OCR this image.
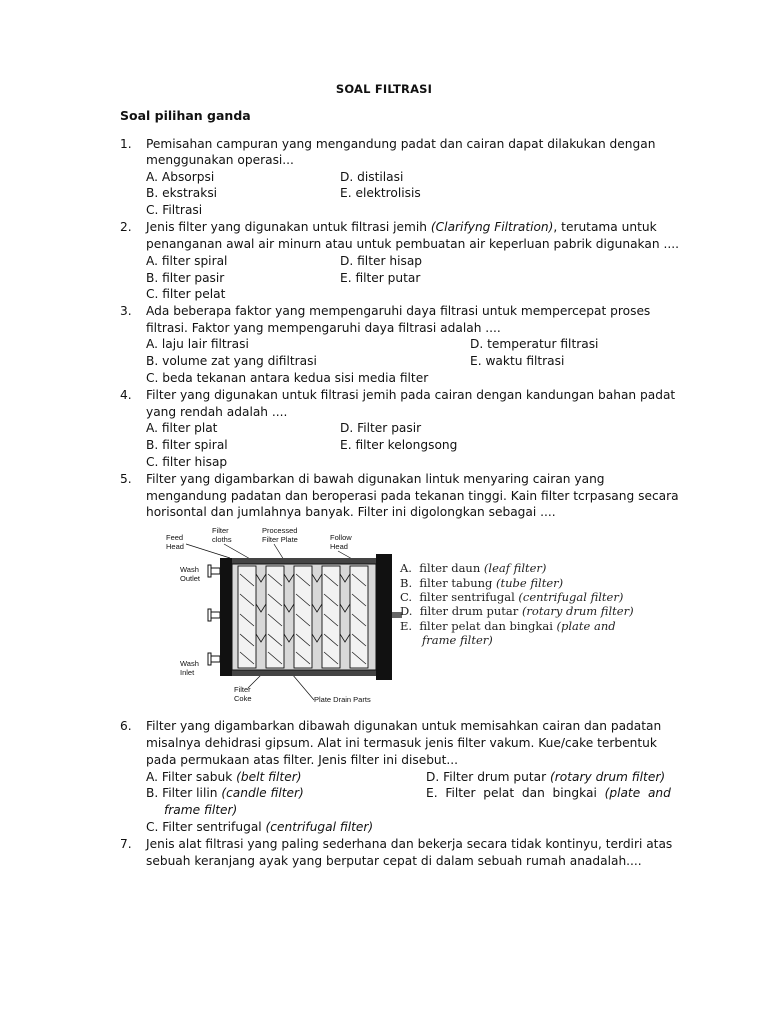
SOAL FILTRASI
Soal pilihan ganda
1. Pemisahan campuran yang mengandung padat dan cairan dapat dilakukan dengan
menggunakan operasi...
A. Absorpsi	D. distilasi
B. ekstraksi	E. elektrolisis
C. Filtrasi
2. Jenis filter yang digunakan untuk filtrasi jemih (Clarifyng Filtration), terutama untuk
penanganan awal air minurn atau untuk pembuatan air keperluan pabrik digunakan ....
A. filter spiral	D. filter hisap
B. filter pasir	E. filter putar
C. filter pelat
3. Ada beberapa faktor yang mempengaruhi daya filtrasi untuk mempercepat proses
filtrasi. Faktor yang mempengaruhi daya filtrasi adalah ....
A. laju lair filtrasi	D. temperatur filtrasi
B. volume zat yang difiltrasi	E. waktu filtrasi
C. beda tekanan antara kedua sisi media filter
4. Filter yang digunakan untuk filtrasi jemih pada cairan dengan kandungan bahan padat
yang rendah adalah ....
A. filter plat	D. Filter pasir
B. filter spiral	E. filter kelongsong
C. filter hisap
5. Filter yang digambarkan di bawah digunakan lintuk menyaring cairan yang
mengandung padatan dan beroperasi pada tekanan tinggi. Kain filter tcrpasang secara
horisontal dan jumlahnya banyak. Filter ini digolongkan sebagai ....
Feed
Head
Filter
cloths
Processed
Filter Plate	Follow
Head
Wash
Outlet
Wash
Inlet
Filter
Coke	Plate Drain Parts
A. filter daun (leaf filter)
B. filter tabung (tube filter)
C. filter sentrifugal (centrifugal filter)
D. filter drum putar (rotary drum filter)
E. filter pelat dan bingkai (plate and
frame filter)
6. Filter yang digambarkan dibawah digunakan untuk memisahkan cairan dan padatan
misalnya dehidrasi gipsum. Alat ini termasuk jenis filter vakum. Kue/cake terbentuk
pada permukaan atas filter. Jenis filter ini disebut...
A. Filter sabuk (belt filter)	D. Filter drum putar (rotary drum filter)
B. Filter lilin (candle filter)	E.  Filter  pelat  dan  bingkai  (plate  and
frame filter)
C. Filter sentrifugal (centrifugal filter)
7. Jenis alat filtrasi yang paling sederhana dan bekerja secara tidak kontinyu, terdiri atas
sebuah keranjang ayak yang berputar cepat di dalam sebuah rumah anadalah....
